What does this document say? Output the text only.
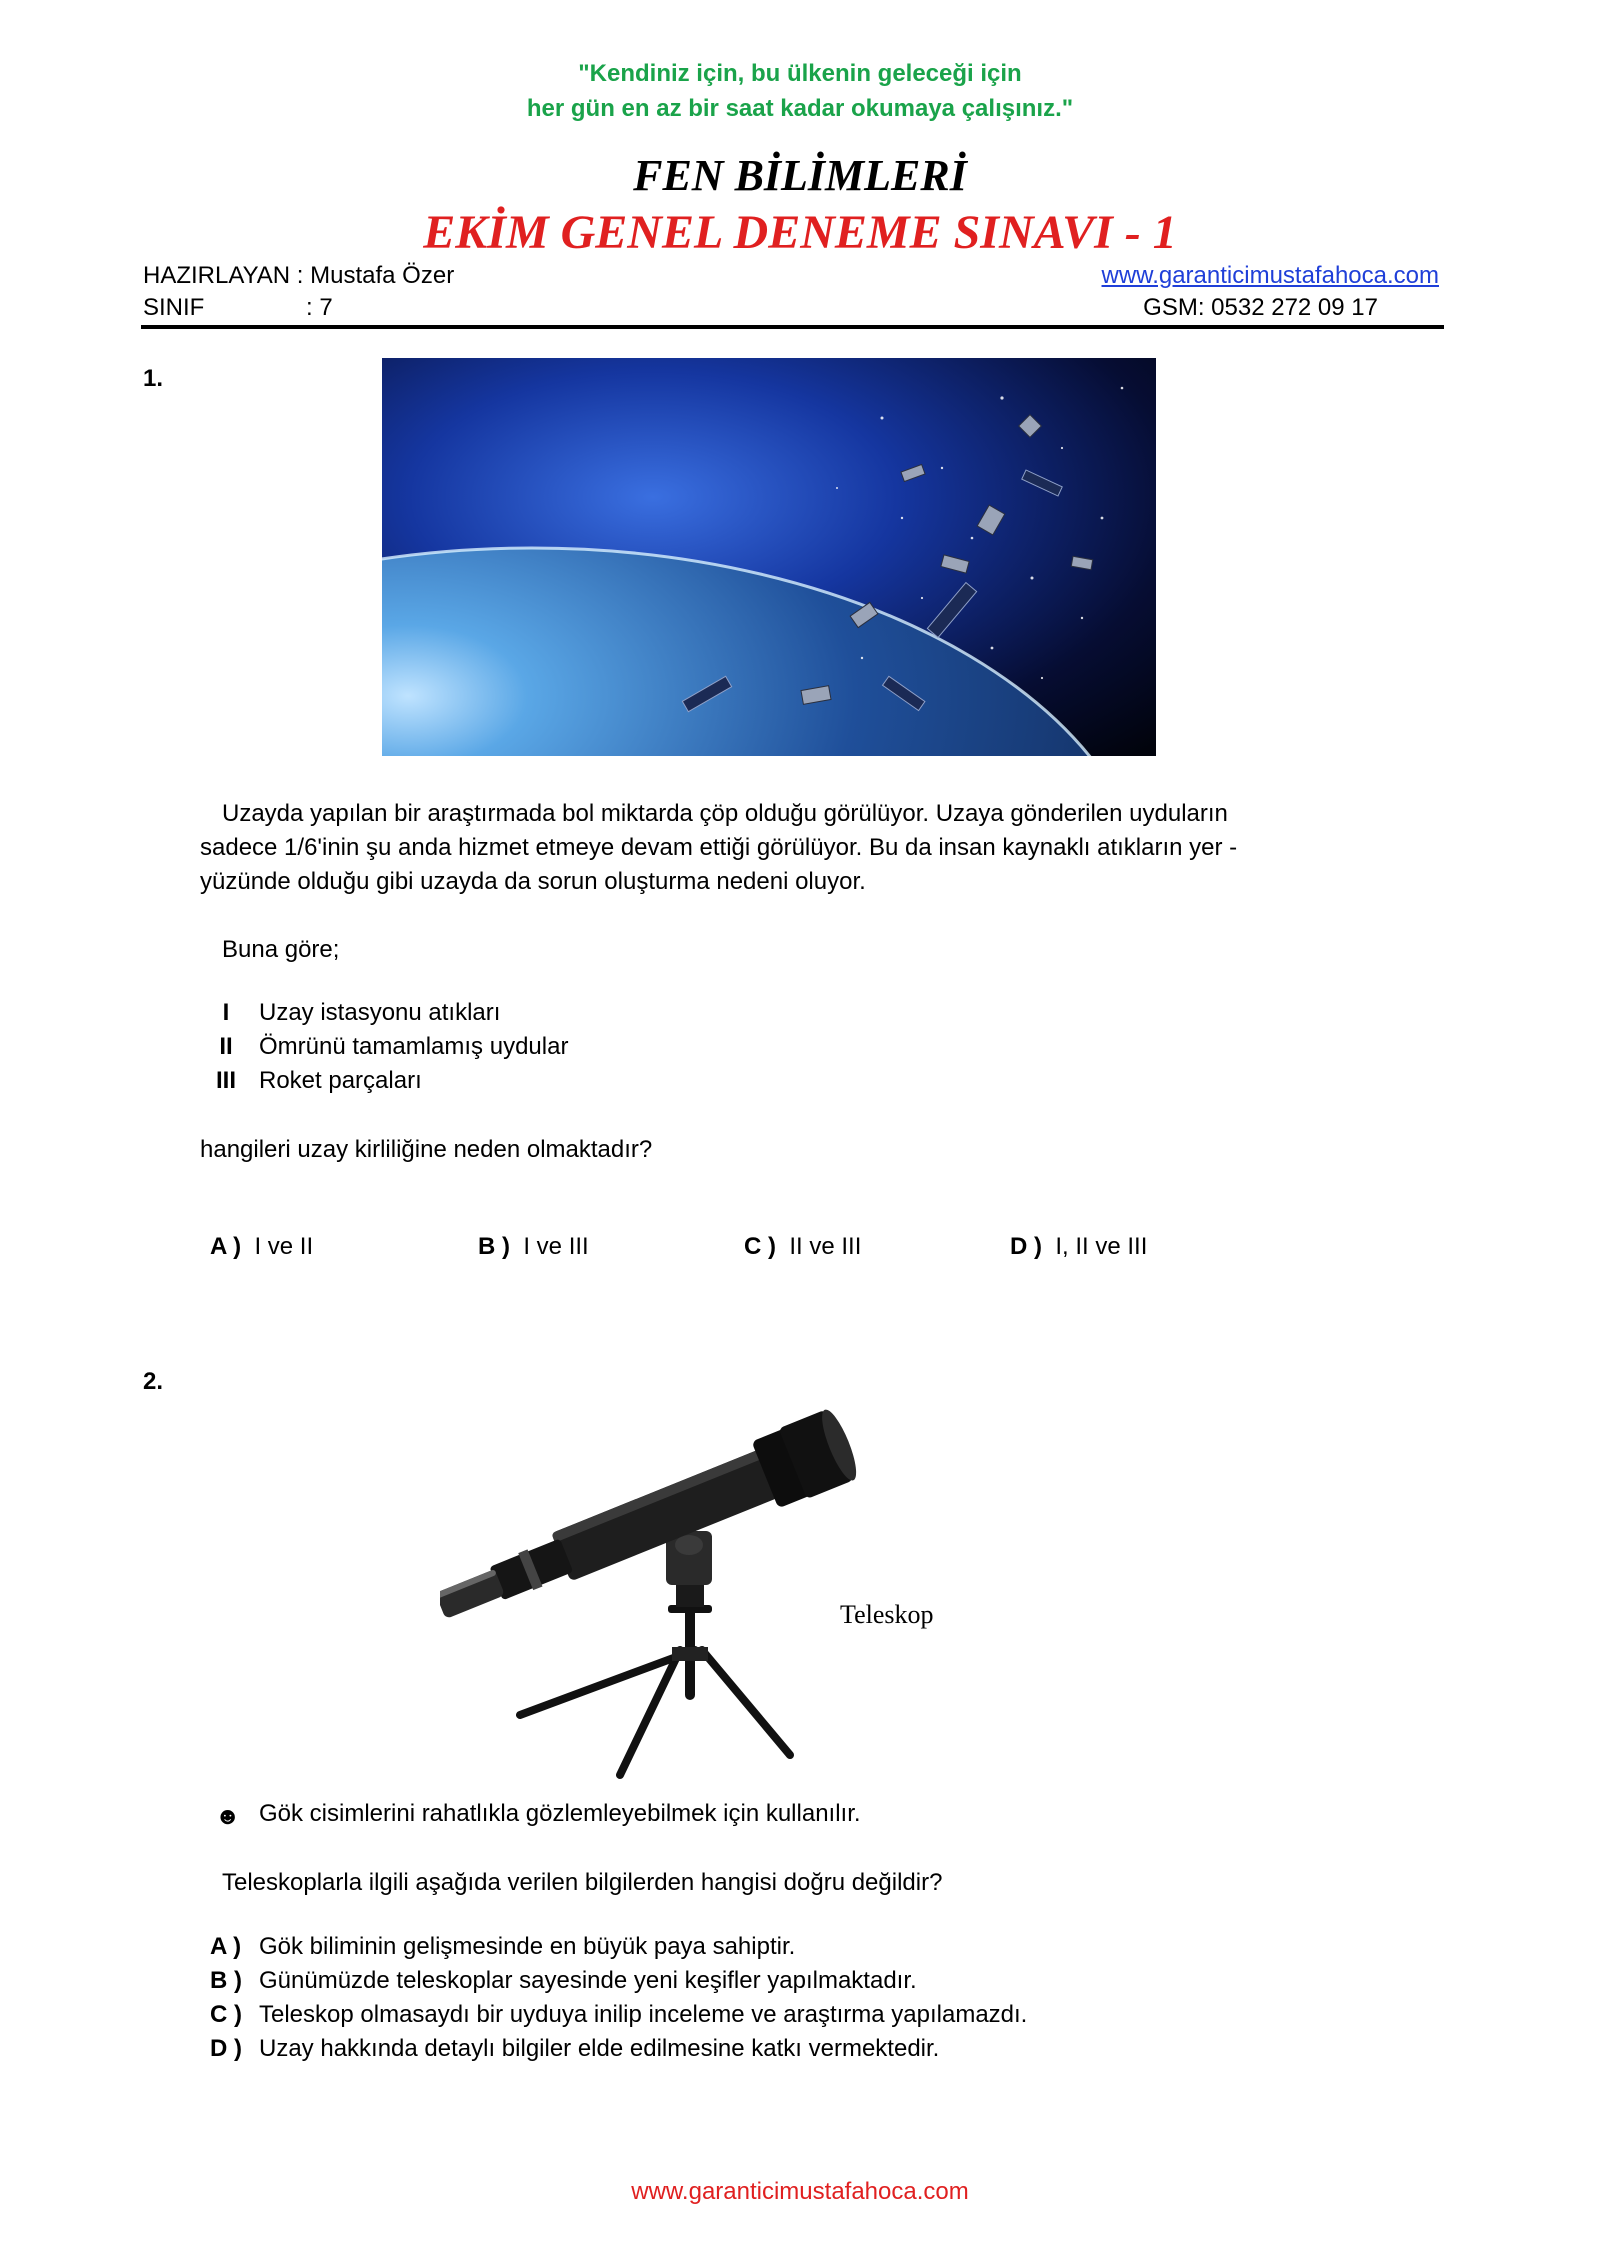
"Kendiniz için, bu ülkenin geleceği için
her gün en az bir saat kadar okumaya çalışınız."
FEN BİLİMLERİ
EKİM GENEL DENEME SINAVI - 1
HAZIRLAYAN : Mustafa Özer
SINIF	: 7
www.garanticimustafahoca.com
GSM: 0532 272 09 17
1.
Uzayda yapılan bir araştırmada bol miktarda çöp olduğu görülüyor. Uzaya gönderilen uyduların
sadece 1/6'inin şu anda hizmet etmeye devam ettiği görülüyor. Bu da insan kaynaklı atıkların yer -
yüzünde olduğu gibi uzayda da sorun oluşturma nedeni oluyor.
Buna göre;
I	Uzay istasyonu atıkları
II	Ömrünü tamamlamış uydular
III Roket parçaları
hangileri uzay kirliliğine neden olmaktadır?
A ) I ve II	B ) I ve III	C ) II ve III	D ) I, II ve III
2.
Teleskop
☻ Gök cisimlerini rahatlıkla gözlemleyebilmek için kullanılır.
Teleskoplarla ilgili aşağıda verilen bilgilerden hangisi doğru değildir?
A ) Gök biliminin gelişmesinde en büyük paya sahiptir.
B ) Günümüzde teleskoplar sayesinde yeni keşifler yapılmaktadır.
C ) Teleskop olmasaydı bir uyduya inilip inceleme ve araştırma yapılamazdı.
D ) Uzay hakkında detaylı bilgiler elde edilmesine katkı vermektedir.
www.garanticimustafahoca.com
